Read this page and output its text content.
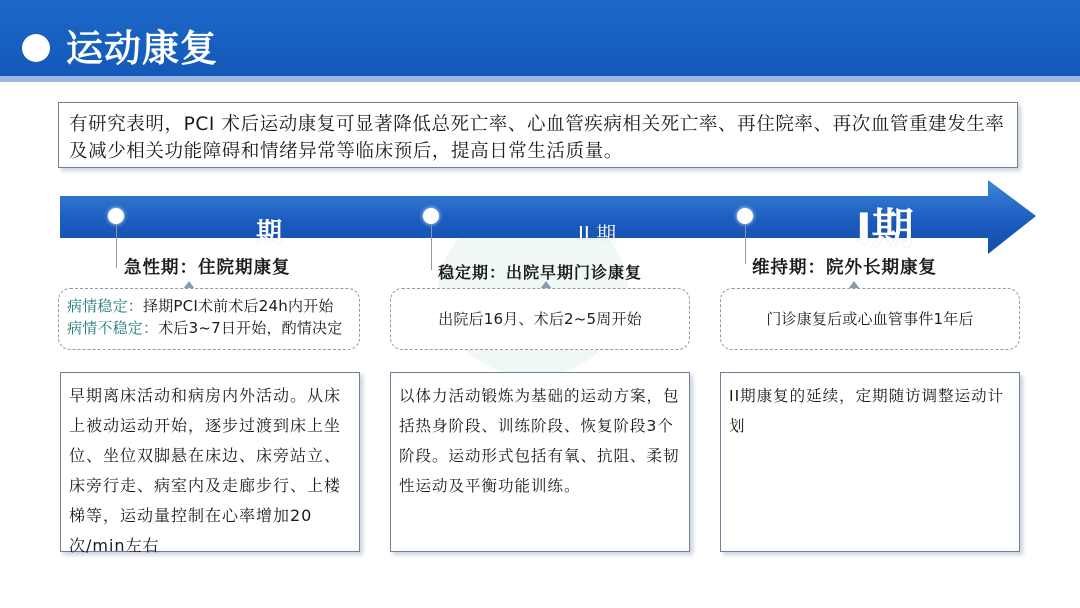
运动康复
有研究表明，PCI 术后运动康复可显著降低总死亡率、心血管疾病相关死亡率、再住院率、再次血管重建发生率及减少相关功能障碍和情绪异常等临床预后，提高日常生活质量。
期
急性期：住院期康复
II 期
稳定期：出院早期门诊康复
I期
维持期：院外长期康复
病情稳定：择期PCI术前术后24h内开始
病情不稳定：术后3~7日开始，酌情决定	出院后16月、术后2~5周开始	门诊康复后或心血管事件1年后
早期离床活动和病房内外活动。从床上被动运动开始，逐步过渡到床上坐位、坐位双脚悬在床边、床旁站立、床旁行走、病室内及走廊步行、上楼梯等，运动量控制在心率增加20次/min左右
以体力活动锻炼为基础的运动方案，包括热身阶段、训练阶段、恢复阶段3个阶段。运动形式包括有氧、抗阻、柔韧性运动及平衡功能训练。
II期康复的延续，定期随访调整运动计 划
